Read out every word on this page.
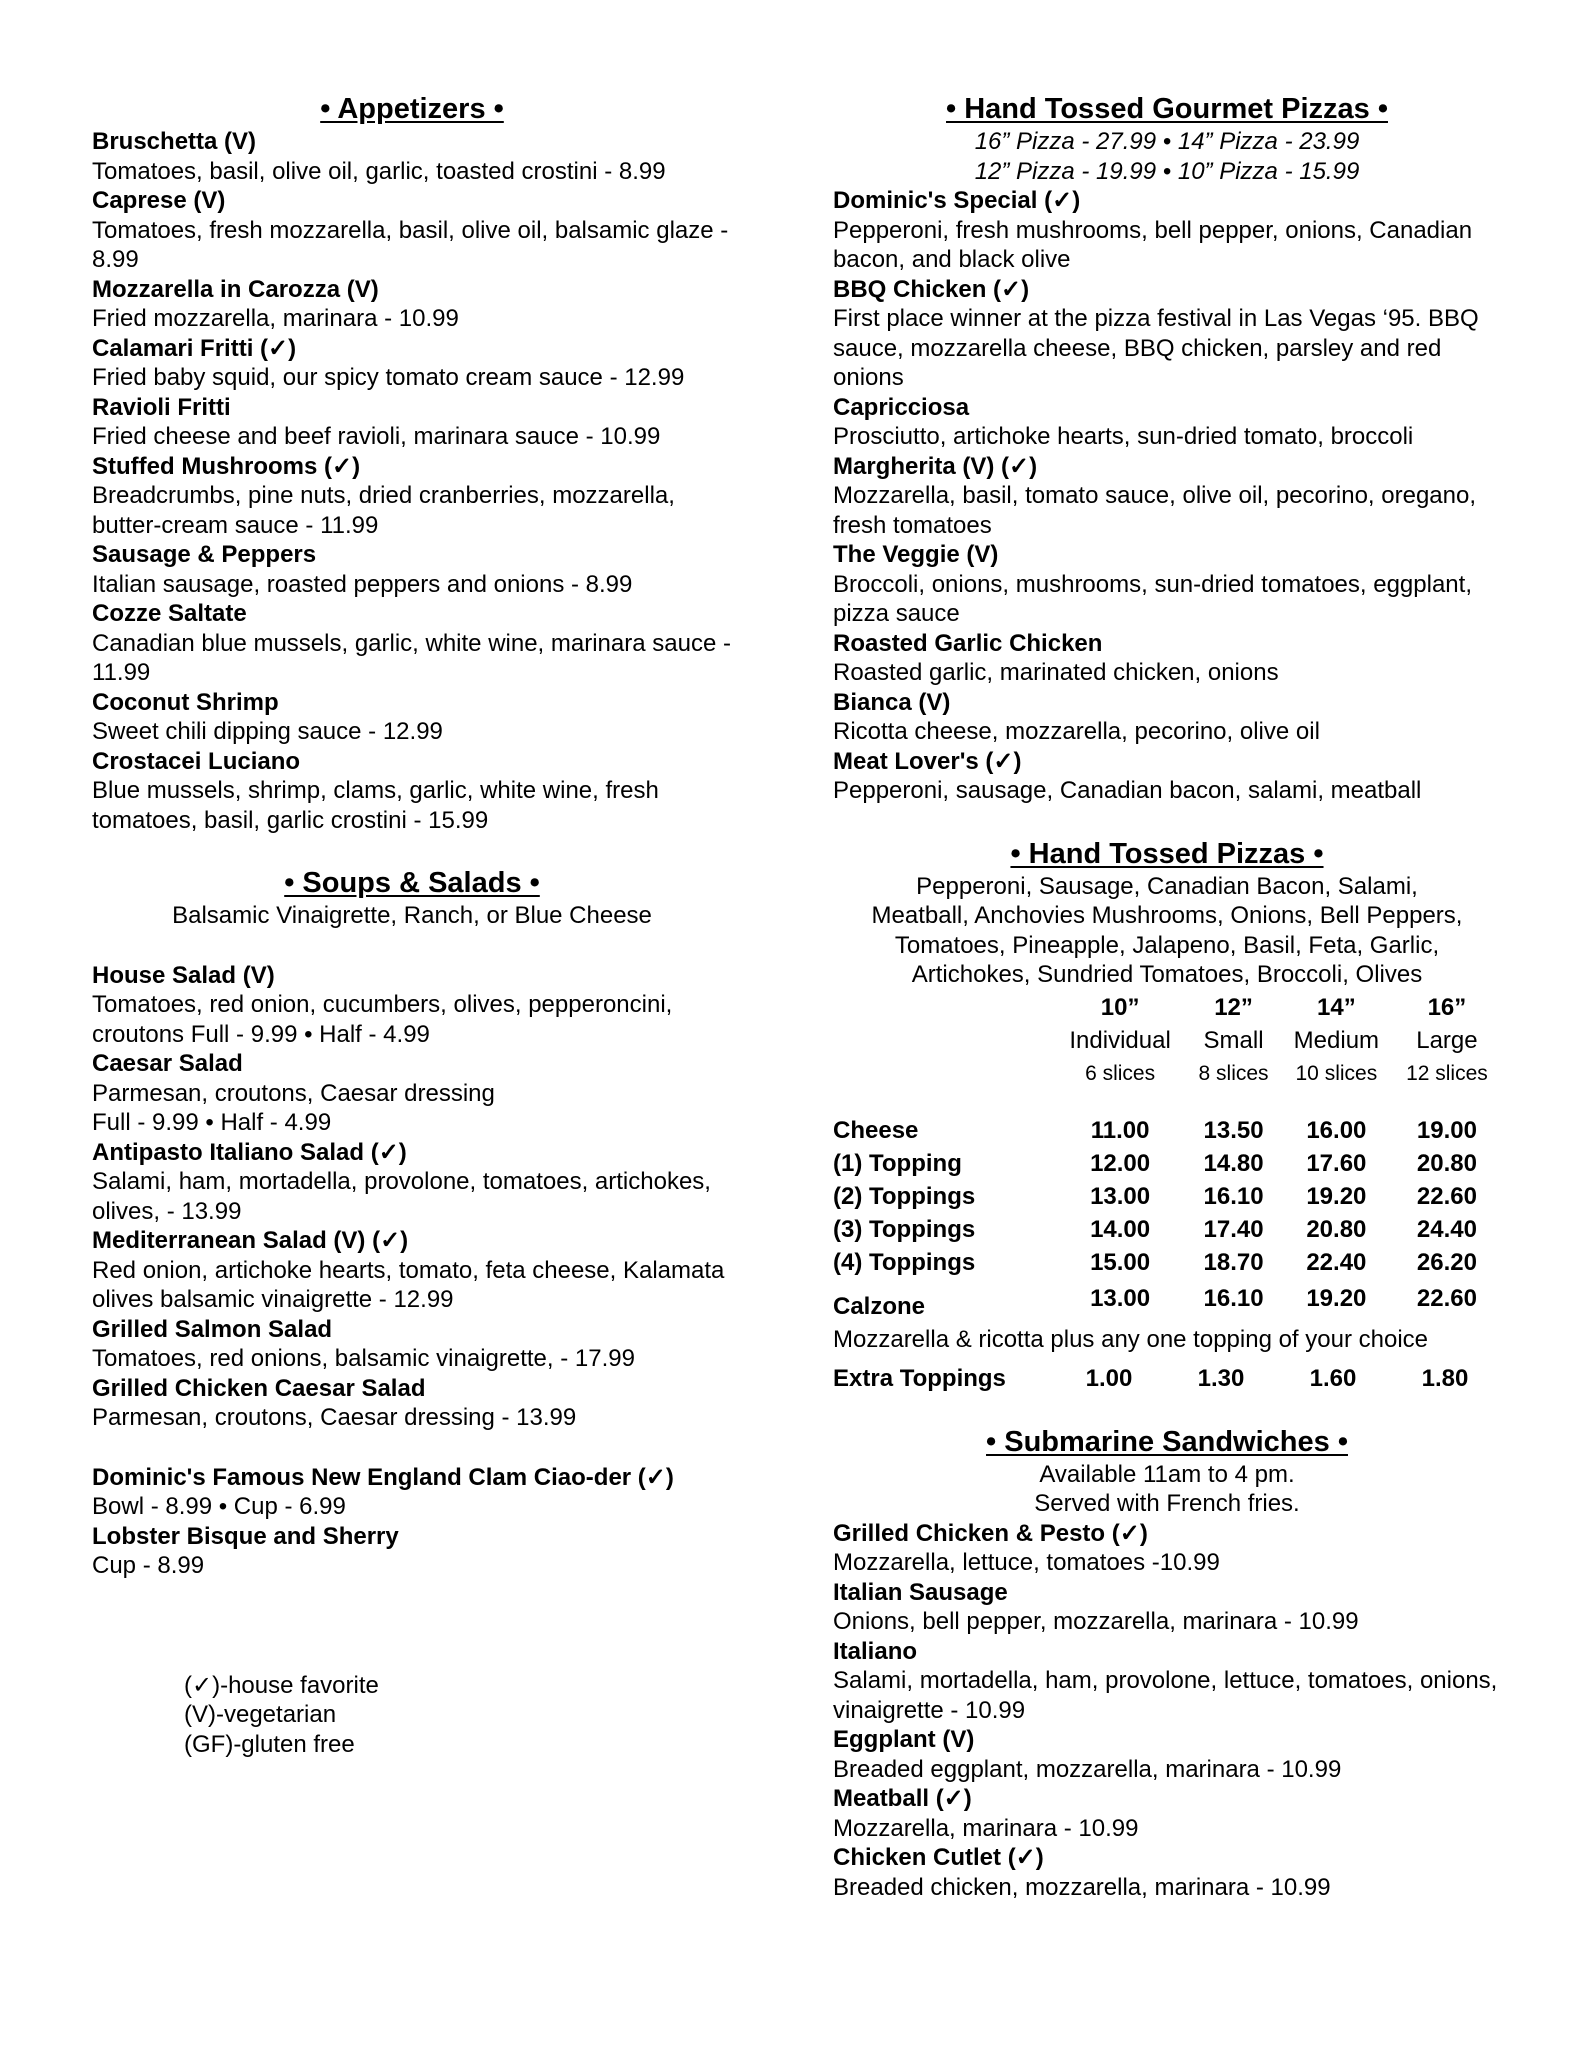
• Appetizers •
Bruschetta (V)
Tomatoes, basil, olive oil, garlic, toasted crostini - 8.99
Caprese (V)
Tomatoes, fresh mozzarella, basil, olive oil, balsamic glaze - 8.99
Mozzarella in Carozza (V)
Fried mozzarella, marinara - 10.99
Calamari Fritti (✓)
Fried baby squid, our spicy tomato cream sauce - 12.99
Ravioli Fritti
Fried cheese and beef ravioli, marinara sauce - 10.99
Stuffed Mushrooms (✓)
Breadcrumbs, pine nuts, dried cranberries, mozzarella, butter-cream sauce - 11.99
Sausage & Peppers
Italian sausage, roasted peppers and onions - 8.99
Cozze Saltate
Canadian blue mussels, garlic, white wine, marinara sauce - 11.99
Coconut Shrimp
Sweet chili dipping sauce - 12.99
Crostacei Luciano
Blue mussels, shrimp, clams, garlic, white wine, fresh tomatoes, basil, garlic crostini - 15.99
• Soups & Salads •
Balsamic Vinaigrette, Ranch, or Blue Cheese
House Salad (V)
Tomatoes, red onion, cucumbers, olives, pepperoncini, croutons Full - 9.99 • Half - 4.99
Caesar Salad
Parmesan, croutons, Caesar dressing
Full - 9.99 • Half - 4.99
Antipasto Italiano Salad (✓)
Salami, ham, mortadella, provolone, tomatoes, artichokes, olives, - 13.99
Mediterranean Salad (V) (✓)
Red onion, artichoke hearts, tomato, feta cheese, Kalamata olives balsamic vinaigrette - 12.99
Grilled Salmon Salad
Tomatoes, red onions, balsamic vinaigrette, - 17.99
Grilled Chicken Caesar Salad
Parmesan, croutons, Caesar dressing - 13.99
Dominic's Famous New England Clam Ciao-der (✓)
Bowl - 8.99 • Cup - 6.99
Lobster Bisque and Sherry
Cup - 8.99
(✓)-house favorite
(V)-vegetarian
(GF)-gluten free
• Hand Tossed Gourmet Pizzas •
16” Pizza - 27.99 • 14” Pizza - 23.99
12” Pizza - 19.99 • 10” Pizza - 15.99
Dominic's Special (✓)
Pepperoni, fresh mushrooms, bell pepper, onions, Canadian bacon, and black olive
BBQ Chicken (✓)
First place winner at the pizza festival in Las Vegas ‘95. BBQ sauce, mozzarella cheese, BBQ chicken, parsley and red onions
Capricciosa
Prosciutto, artichoke hearts, sun-dried tomato, broccoli
Margherita (V) (✓)
Mozzarella, basil, tomato sauce, olive oil, pecorino, oregano, fresh tomatoes
The Veggie (V)
Broccoli, onions, mushrooms, sun-dried tomatoes, eggplant, pizza sauce
Roasted Garlic Chicken
Roasted garlic, marinated chicken, onions
Bianca (V)
Ricotta cheese, mozzarella, pecorino, olive oil
Meat Lover's (✓)
Pepperoni, sausage, Canadian bacon, salami, meatball
• Hand Tossed Pizzas •
Pepperoni, Sausage, Canadian Bacon, Salami,
Meatball, Anchovies Mushrooms, Onions, Bell Peppers,
Tomatoes, Pineapple, Jalapeno, Basil, Feta, Garlic,
Artichokes, Sundried Tomatoes, Broccoli, Olives
	10”	12”	14”	16”
	Individual	Small	Medium	Large
	6 slices	8 slices	10 slices	12 slices

Cheese	11.00	13.50	16.00	19.00
(1) Topping	12.00	14.80	17.60	20.80
(2) Toppings	13.00	16.10	19.20	22.60
(3) Toppings	14.00	17.40	20.80	24.40
(4) Toppings	15.00	18.70	22.40	26.20
Calzone	13.00	16.10	19.20	22.60
Mozzarella & ricotta plus any one topping of your choice
Extra Toppings	1.00	1.30	1.60	1.80
• Submarine Sandwiches •
Available 11am to 4 pm.
Served with French fries.
Grilled Chicken & Pesto (✓)
Mozzarella, lettuce, tomatoes -10.99
Italian Sausage
Onions, bell pepper, mozzarella, marinara - 10.99
Italiano
Salami, mortadella, ham, provolone, lettuce, tomatoes, onions, vinaigrette - 10.99
Eggplant (V)
Breaded eggplant, mozzarella, marinara - 10.99
Meatball (✓)
Mozzarella, marinara - 10.99
Chicken Cutlet (✓)
Breaded chicken, mozzarella, marinara - 10.99
